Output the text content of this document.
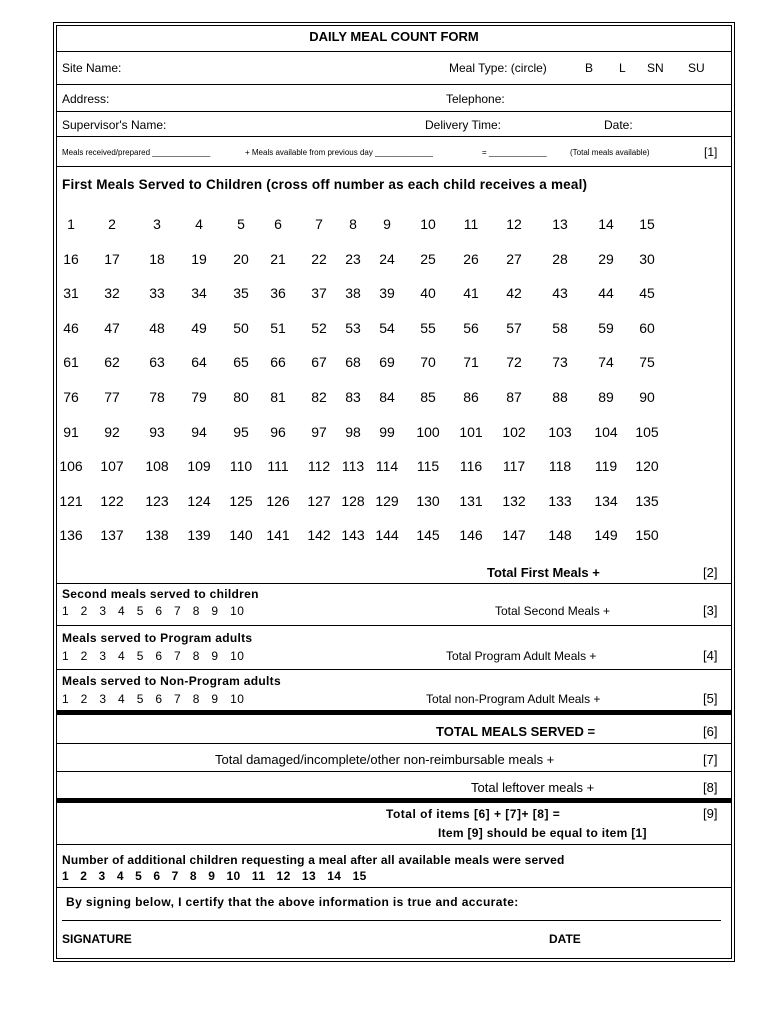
DAILY MEAL COUNT FORM
Site Name:	Meal Type: (circle)	B L SN SU
Address:	Telephone:
Supervisor's Name:	Delivery Time:	Date:
Meals received/prepared _____________	+ Meals available from previous day _____________	= _____________	(Total meals available)	[1]
First Meals Served to Children (cross off number as each child receives a meal)
1	2	3	4	5	6	7	8	9	10	11	12	13	14	15
16	17	18	19	20	21	22	23	24	25	26	27	28	29	30
31	32	33	34	35	36	37	38	39	40	41	42	43	44	45
46	47	48	49	50	51	52	53	54	55	56	57	58	59	60
61	62	63	64	65	66	67	68	69	70	71	72	73	74	75
76	77	78	79	80	81	82	83	84	85	86	87	88	89	90
91	92	93	94	95	96	97	98	99	100	101	102	103	104	105
106	107	108	109	110	111	112 113 114	115	116	117	118	119	120
121	122	123	124	125 126	127 128 129	130	131	132	133	134	135
136	137	138	139	140 141	142 143 144	145	146	147	148	149	150
Total First Meals +	[2]
Second meals served to children
1   2   3   4   5   6   7   8   9   10	Total Second Meals +	[3]
Meals served to Program adults
1   2   3   4   5   6   7   8   9   10	Total Program Adult Meals +	[4]
Meals served to Non-Program adults
1   2   3   4   5   6   7   8   9   10	Total non-Program Adult Meals +	[5]
TOTAL MEALS SERVED =	[6]
Total damaged/incomplete/other non-reimbursable meals +	[7]
Total leftover meals +	[8]
Total of items [6] + [7]+ [8] =	[9]
Item [9] should be equal to item [1]
Number of additional children requesting a meal after all available meals were served
1   2   3   4   5   6   7   8   9   10   11   12   13   14   15
By signing below, I certify that the above information is true and accurate:
SIGNATURE	DATE
